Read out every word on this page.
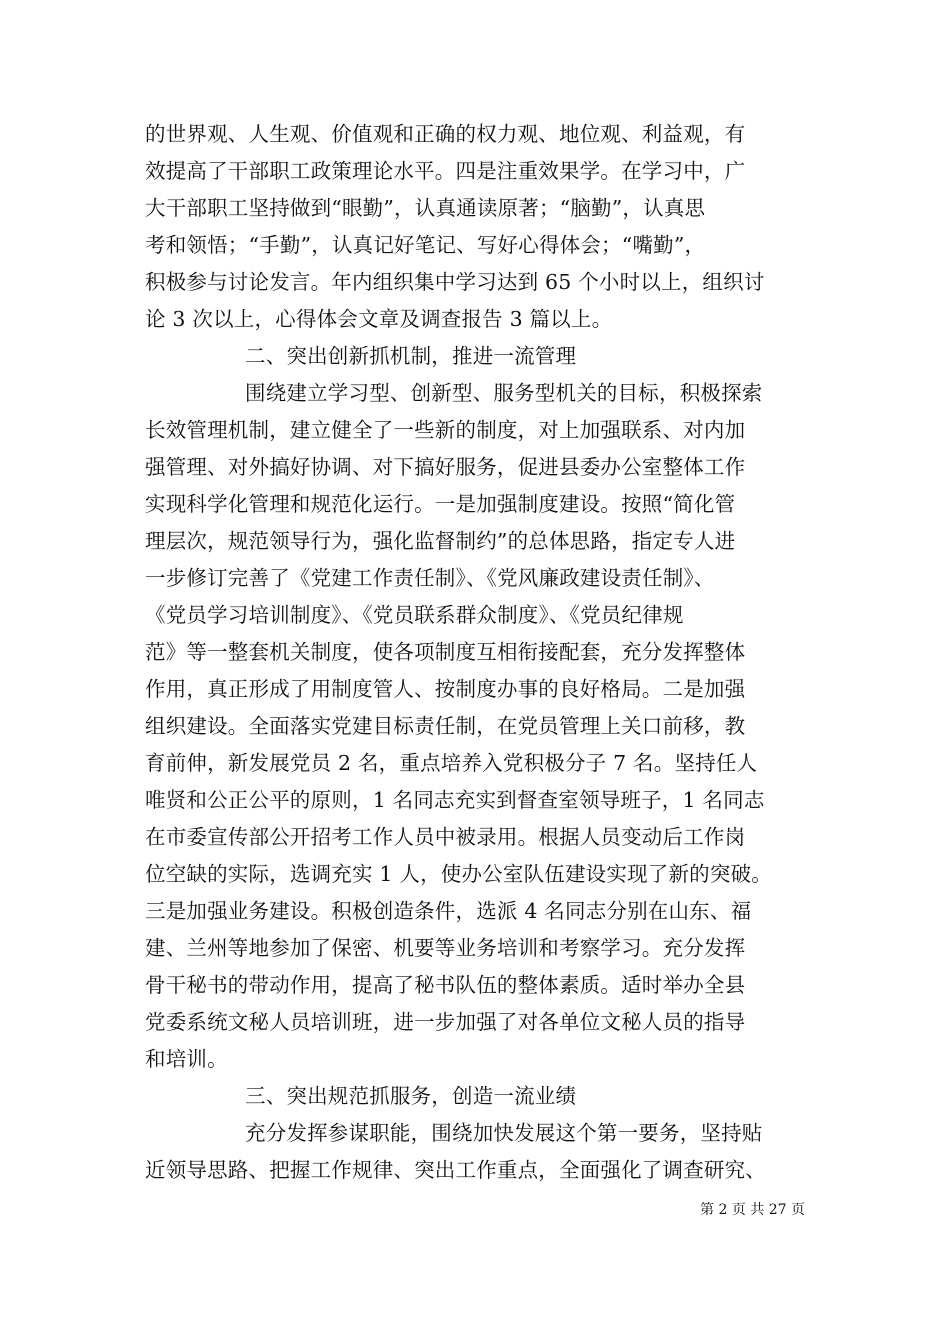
的世界观、人生观、价值观和正确的权力观、地位观、利益观，有
效提高了干部职工政策理论水平。四是注重效果学。在学习中，广
大干部职工坚持做到“眼勤”，认真通读原著；“脑勤”，认真思
考和领悟；“手勤”，认真记好笔记、写好心得体会；“嘴勤”，
积极参与讨论发言。年内组织集中学习达到 65 个小时以上，组织讨
论 3 次以上，心得体会文章及调查报告 3 篇以上。
二、突出创新抓机制，推进一流管理
围绕建立学习型、创新型、服务型机关的目标，积极探索
长效管理机制，建立健全了一些新的制度，对上加强联系、对内加
强管理、对外搞好协调、对下搞好服务，促进县委办公室整体工作
实现科学化管理和规范化运行。一是加强制度建设。按照“简化管
理层次，规范领导行为，强化监督制约”的总体思路，指定专人进
一步修订完善了《党建工作责任制》、《党风廉政建设责任制》、
《党员学习培训制度》、《党员联系群众制度》、《党员纪律规
范》等一整套机关制度，使各项制度互相衔接配套，充分发挥整体
作用，真正形成了用制度管人、按制度办事的良好格局。二是加强
组织建设。全面落实党建目标责任制，在党员管理上关口前移，教
育前伸，新发展党员 2 名，重点培养入党积极分子 7 名。坚持任人
唯贤和公正公平的原则，1 名同志充实到督查室领导班子，1 名同志
在市委宣传部公开招考工作人员中被录用。根据人员变动后工作岗
位空缺的实际，选调充实 1 人，使办公室队伍建设实现了新的突破。
三是加强业务建设。积极创造条件，选派 4 名同志分别在山东、福
建、兰州等地参加了保密、机要等业务培训和考察学习。充分发挥
骨干秘书的带动作用，提高了秘书队伍的整体素质。适时举办全县
党委系统文秘人员培训班，进一步加强了对各单位文秘人员的指导
和培训。
三、突出规范抓服务，创造一流业绩
充分发挥参谋职能，围绕加快发展这个第一要务，坚持贴
近领导思路、把握工作规律、突出工作重点，全面强化了调查研究、
第 2 页 共 27 页
